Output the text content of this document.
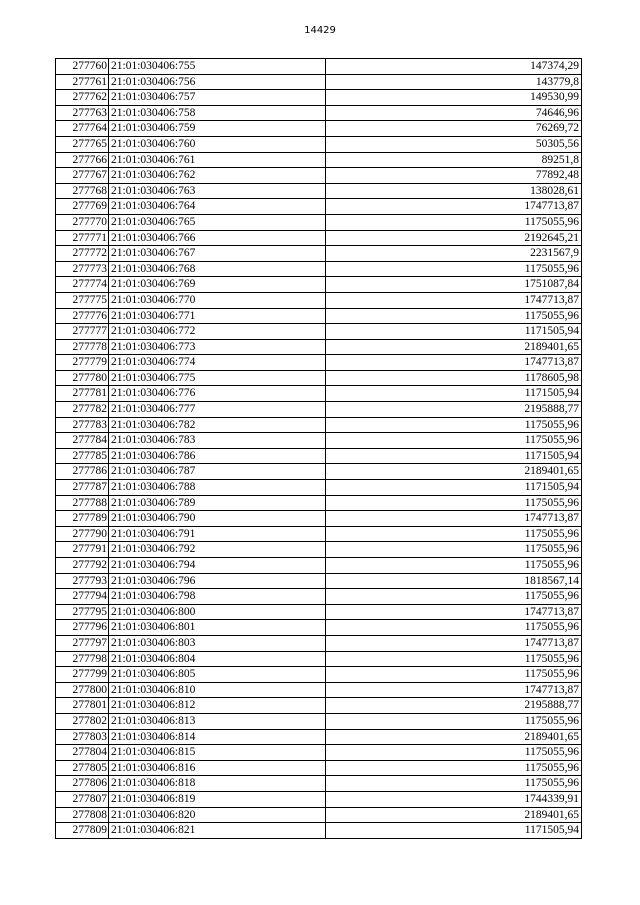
14429
277760	21:01:030406:755	147374,29
277761	21:01:030406:756	143779,8
277762	21:01:030406:757	149530,99
277763	21:01:030406:758	74646,96
277764	21:01:030406:759	76269,72
277765	21:01:030406:760	50305,56
277766	21:01:030406:761	89251,8
277767	21:01:030406:762	77892,48
277768	21:01:030406:763	138028,61
277769	21:01:030406:764	1747713,87
277770	21:01:030406:765	1175055,96
277771	21:01:030406:766	2192645,21
277772	21:01:030406:767	2231567,9
277773	21:01:030406:768	1175055,96
277774	21:01:030406:769	1751087,84
277775	21:01:030406:770	1747713,87
277776	21:01:030406:771	1175055,96
277777	21:01:030406:772	1171505,94
277778	21:01:030406:773	2189401,65
277779	21:01:030406:774	1747713,87
277780	21:01:030406:775	1178605,98
277781	21:01:030406:776	1171505,94
277782	21:01:030406:777	2195888,77
277783	21:01:030406:782	1175055,96
277784	21:01:030406:783	1175055,96
277785	21:01:030406:786	1171505,94
277786	21:01:030406:787	2189401,65
277787	21:01:030406:788	1171505,94
277788	21:01:030406:789	1175055,96
277789	21:01:030406:790	1747713,87
277790	21:01:030406:791	1175055,96
277791	21:01:030406:792	1175055,96
277792	21:01:030406:794	1175055,96
277793	21:01:030406:796	1818567,14
277794	21:01:030406:798	1175055,96
277795	21:01:030406:800	1747713,87
277796	21:01:030406:801	1175055,96
277797	21:01:030406:803	1747713,87
277798	21:01:030406:804	1175055,96
277799	21:01:030406:805	1175055,96
277800	21:01:030406:810	1747713,87
277801	21:01:030406:812	2195888,77
277802	21:01:030406:813	1175055,96
277803	21:01:030406:814	2189401,65
277804	21:01:030406:815	1175055,96
277805	21:01:030406:816	1175055,96
277806	21:01:030406:818	1175055,96
277807	21:01:030406:819	1744339,91
277808	21:01:030406:820	2189401,65
277809	21:01:030406:821	1171505,94
